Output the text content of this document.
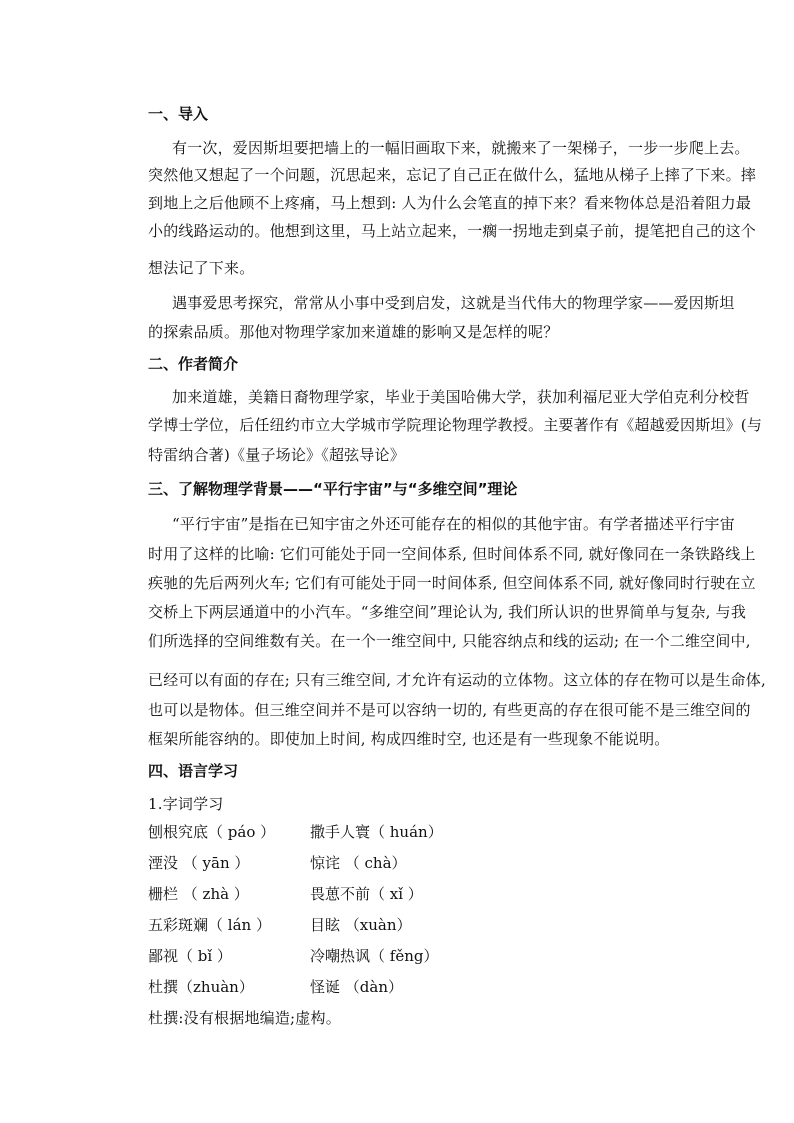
一、导入
有一次，爱因斯坦要把墙上的一幅旧画取下来，就搬来了一架梯子，一步一步爬上去。
突然他又想起了一个问题，沉思起来，忘记了自己正在做什么，猛地从梯子上摔了下来。摔
到地上之后他顾不上疼痛，马上想到: 人为什么会笔直的掉下来？看来物体总是沿着阻力最
小的线路运动的。他想到这里，马上站立起来，一瘸一拐地走到桌子前，提笔把自己的这个
想法记了下来。
遇事爱思考探究，常常从小事中受到启发，这就是当代伟大的物理学家——爱因斯坦
的探索品质。那他对物理学家加来道雄的影响又是怎样的呢？
二、作者简介
加来道雄，美籍日裔物理学家，毕业于美国哈佛大学，获加利福尼亚大学伯克利分校哲
学博士学位，后任纽约市立大学城市学院理论物理学教授。主要著作有《超越爱因斯坦》(与
特雷纳合著)《量子场论》《超弦导论》
三、了解物理学背景——“平行宇宙”与“多维空间”理论
“平行宇宙”是指在已知宇宙之外还可能存在的相似的其他宇宙。有学者描述平行宇宙
时用了这样的比喻: 它们可能处于同一空间体系, 但时间体系不同, 就好像同在一条铁路线上
疾驰的先后两列火车; 它们有可能处于同一时间体系, 但空间体系不同, 就好像同时行驶在立
交桥上下两层通道中的小汽车。“多维空间”理论认为, 我们所认识的世界简单与复杂, 与我
们所选择的空间维数有关。在一个一维空间中, 只能容纳点和线的运动; 在一个二维空间中,
已经可以有面的存在; 只有三维空间, 才允许有运动的立体物。这立体的存在物可以是生命体,
也可以是物体。但三维空间并不是可以容纳一切的, 有些更高的存在很可能不是三维空间的
框架所能容纳的。即使加上时间, 构成四维时空, 也还是有一些现象不能说明。
四、语言学习
1.字词学习
刨根究底（ páo ） 撒手人寰（ huán）
湮没 （ yān ）	惊诧 （ chà）
栅栏 （ zhà ）	畏葸不前（ xǐ ）
五彩斑斓（ lán ）	目眩 （xuàn）
鄙视（ bǐ ）	冷嘲热讽（ fěng）
杜撰（zhuàn）	怪诞 （dàn）
杜撰:没有根据地编造;虚构。
